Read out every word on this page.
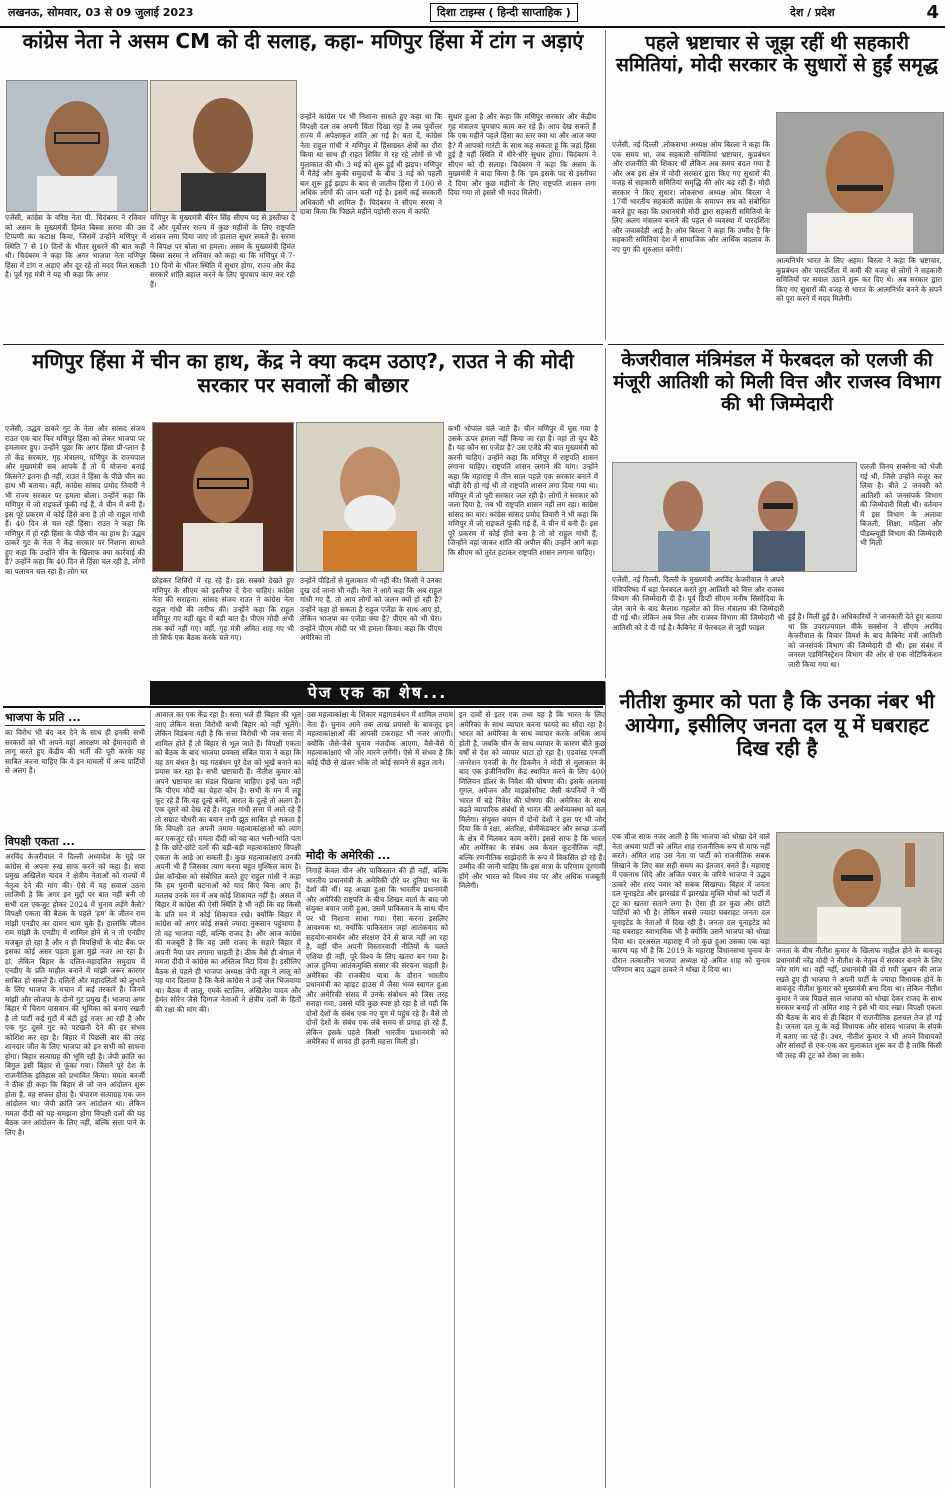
लखनऊ, सोमवार, 03 से 09 जुलाई 2023	दिशा टाइम्स ( हिन्दी साप्ताहिक )	देश / प्रदेश	4
कांग्रेस नेता ने असम CM को दी सलाह, कहा- मणिपुर हिंसा में टांग न अड़ाएं
एजेंसी, कांग्रेस के वरिष्ठ नेता पी. चिदंबरम ने रविवार को असम के मुख्यमंत्री हिमंत बिस्वा सरमा की उस टिप्पणी का कटाक्ष किया, जिसमें उन्होंने मणिपुर में स्थिति 7 से 10 दिनों के भीतर सुधरने की बात कही थी। चिदंबरम ने कहा कि अगर भाजपा नेता मणिपुर हिंसा में टांग न अड़ाएं और दूर रहें तो मदद मिल सकती है। पूर्व गृह मंत्री ने यह भी कहा कि अगर
मणिपुर के मुख्यमंत्री बीरेन सिंह सीएम पद से इस्तीफा दे दें और पूर्वोत्तर राज्य में कुछ महीनों के लिए राष्ट्रपति शासन लगा दिया जाए तो हालात सुधर सकते हैं। सरमा ने विपक्ष पर बोला था हमला। असम के मुख्यमंत्री हिमंत बिस्वा सरमा ने शनिवार को कहा था कि मणिपुर में 7-10 दिनों के भीतर स्थिति में सुधार होगा, राज्य और केंद्र सरकारें शांति बहाल करने के लिए चुपचाप काम कर रही हैं।
उन्होंने कांग्रेस पर भी निशाना साधते हुए कहा था कि विपक्षी दल तब अपनी चिंता दिखा रहा है जब पूर्वोत्तर राज्य में अपेक्षाकृत शांति आ गई है। बता दें, कांग्रेस नेता राहुल गांधी ने मणिपुर में हिंसाग्रस्त क्षेत्रों का दौरा किया था साथ ही राहत शिविर में रह रहे लोगों से भी मुलाकात की थी। 3 मई को शुरू हुई थी झड़प। मणिपुर में मैतेई और कुकी समुदायों के बीच 3 मई को पहली बार शुरू हुई झड़प के बाद से जातीय हिंसा में 100 से अधिक लोगों की जान चली गई है। इसमें कई सरकारी अधिकारी भी शामिल हैं। चिदंबरम ने सीएम सरमा ने दावा किया कि पिछले महीने पड़ोसी राज्य में काफी
सुधार हुआ है और कहा कि मणिपुर सरकार और केंद्रीय गृह मंत्रालय चुपचाप काम कर रहे हैं। आप देख सकते हैं कि एक महीने पहले हिंसा का स्तर क्या था और आज क्या है? मैं आपको गारंटी के साथ कह सकता हूं कि जहां हिंसा हुई है वहीं स्थिति में धीरे-धीरे सुधार होगा। चिदंबरम ने सीएम को दी सलाह। चिदंबरम ने कहा कि असम के मुख्यमंत्री ने वादा किया है कि 'हम इसके पद से इस्तीफा दे दिया और कुछ महीनों के लिए राष्ट्रपति शासन लगा दिया गया तो इससे भी मदद मिलेगी।
पहले भ्रष्टाचार से जूझ रहीं थी सहकारी समितियां, मोदी सरकार के सुधारों से हुईं समृद्ध
एजेंसी, नई दिल्ली ,लोकसभा अध्यक्ष ओम बिरला ने कहा कि एक समय था, जब सहकारी समितियां भ्रष्टाचार, कुप्रबंधन और राजनीति की शिकार थीं लेकिन अब समय बदल गया है और अब इस क्षेत्र में मोदी सरकार द्वारा किए गए सुधारों की वजह से सहकारी समितियां समृद्धि की ओर बढ़ रही हैं। मोदी सरकार ने किए सुधार। लोकसभा अध्यक्ष ओम बिरला ने 17वीं भारतीय सहकारी कांग्रेस के समापन सत्र को संबोधित करते हुए कहा कि प्रधानमंत्री मोदी द्वारा सहकारी समितियों के लिए अलग मंत्रालय बनाने की पहल से व्यवस्था में पारदर्शिता और जवाबदेही आई है। ओम बिरला ने कहा कि उम्मीद है कि सहकारी समितियां देश में सामाजिक और आर्थिक बदलाव के नए युग की शुरुआत करेंगी।
आत्मनिर्भर भारत के लिए अहम। बिरला ने कहा कि भ्रष्टाचार, कुप्रबंधन और पारदर्शिता में कमी की वजह से लोगों ने सहकारी समितियों पर सवाल उठाने शुरू कर दिए थे। अब सरकार द्वारा किए गए सुधारों की वजह से भारत के आत्मनिर्भर बनने के सपने को पूरा करने में मदद मिलेगी।
मणिपुर हिंसा में चीन का हाथ, केंद्र ने क्या कदम उठाए?, राउत ने की मोदी सरकार पर सवालों की बौछार
एजेंसी, उद्धव ठाकरे गुट के नेता और सांसद संजय राउत एक बार फिर मणिपुर हिंसा को लेकर भाजपा पर हमलावर हुए। उन्होंने पूछा कि अगर हिंसा प्री-प्लान है तो केंद्र सरकार, गृह मंत्रालय, मणिपुर के राज्यपाल और मुख्यमंत्री सब आपके हैं तो ये योजना बनाई किसने? इतना ही नहीं, राउत ने हिंसा के पीछे चीन का हाथ भी बताया। वहीं, कांग्रेस सांसद प्रमोद तिवारी ने भी राज्य सरकार पर हमला बोला। उन्होंने कहा कि मणिपुर में जो राइफलें फूंकी गई हैं, वे चीन में बनी हैं। इस पूरे प्रकरण में कोई हिंसे बना है तो वो राहुल गांधी हैं। 40 दिन से चल रही हिंसा। राउत ने कहा कि मणिपुर में हो रही हिंसा के पीछे चीन का हाथ है। उद्धव ठाकरे गुट के नेता ने केंद्र सरकार पर निशाना साधते हुए कहा कि उन्होंने चीन के खिलाफ क्या कार्रवाई की है? उन्होंने कहा कि 40 दिन से हिंसा चल रही है, लोगों का पलायन चल रहा है। लोग घर
छोड़कर शिविरों में रह रहे हैं। इस सबको देखते हुए मणिपुर के सीएम को इस्तीफा दे देना चाहिए। कांग्रेस नेता की सराहना। सांसद संजय राउत ने कांग्रेस नेता राहुल गांधी की तारीफ की। उन्होंने कहा कि राहुल मणिपुर गए वहीं खुद में बड़ी बात है। पीएम मोदी अभी तक क्यों नहीं गए। वहीं, गृह मंत्री अमित शाह गए भी तो सिर्फ एक बैठक करके चले गए।
उन्होंने पीड़ितों से मुलाकात भी नहीं की। किसी ने उनका दुख दर्द जाना भी नहीं। नेता ने आगे कहा कि अब राहुल गांधी गए हैं, तो आप लोगों को जलन क्यों हो रही है? उन्होंने कहा हो सकता है राहुल एजेंडा के साथ आए हो, लेकिन भाजपा का एजेंडा क्या है? पीएम को भी घेरा। उन्होंने पीएम मोदी पर भी हमला किया। कहा कि पीएम अमेरिका तो
कभी भोपाल चले जाते हैं। चीन मणिपुर में घुस गया है उसके ऊपर हमला नहीं किया जा रहा है। वहां तो चुप बैठे हैं। यह कौन सा एजेंडा है? उस एजेंडे की बात मुख्यमंत्री को करनी चाहिए। उन्होंने कहा कि मणिपुर में राष्ट्रपति शासन लगाना चाहिए। राष्ट्रपति शासन लगाने की मांग। उन्होंने कहा कि महाराष्ट्र में तीन साल पहले एक सरकार बनाने में थोड़ी देरी हो गई थी तो राष्ट्रपति शासन लगा दिया गया था। मणिपुर में तो पूरी सरकार जल रही है। लोगों ने सरकार को जला दिया है, तब भी राष्ट्रपति शासन नहीं लग रहा। कांग्रेस सांसद का वार। कांग्रेस सांसद प्रमोद तिवारी ने भी कहा कि मणिपुर में जो राइफलें फूंकी गई हैं, वे चीन में बनी हैं। इस पूरे प्रकरण में कोई हीरो बना है तो वो राहुल गांधी हैं, जिन्होंने वहां जाकर शांति की अपील की। उन्होंने आगे कहा कि सीएम को तुरंत हटाकर राष्ट्रपति शासन लगाना चाहिए।
केजरीवाल मंत्रिमंडल में फेरबदल को एलजी की मंजूरी आतिशी को मिली वित्त और राजस्व विभाग की भी जिम्मेदारी
एलजी विनय सक्सेना को भेजी गई थी, जिसे उन्होंने मंजूर कर लिया है। बीते 2 जनवरी को आतिशी को जनसंपर्क विभाग की जिम्मेदारी मिली थी। वर्तमान में इस विभाग के अलावा बिजली, शिक्षा, महिला और पीडब्ल्यूडी विभाग की जिम्मेदारी भी मिली
एजेंसी, नई दिल्ली, दिल्ली के मुख्यमंत्री अरविंद केजरीवाल ने अपने मंत्रिपरिषद में बड़ा फेरबदल करते हुए आतिशी को वित्त और राजस्व विभाग की जिम्मेदारी दी है। पूर्व डिप्टी सीएम मनीष सिसोदिया के जेल जाने के बाद कैलाश गहलोत को वित्त मंत्रालय की जिम्मेदारी दी गई थी। लेकिन अब वित्त और राजस्व विभाग की जिम्मेदारी भी आतिशी को दे दी गई है। कैबिनेट में फेरबदल से जुड़ी फाइल
हुई है। मिली हुई है। अधिकारियों ने जानकारी देते हुए बताया था कि उपराज्यपाल वीके सक्सेना ने सीएम अरविंद केजरीवाल के विचार विमर्श के बाद कैबिनेट मंत्री आतिशी को जनसंपर्क विभाग की जिम्मेदारी दी थी। इस संबंध में जनरल एडमिनिस्ट्रेशन विभाग की ओर से एक नोटिफिकेशन जारी किया गया था।
पेज एक का शेष...
भाजपा के प्रति ...
का विरोध भी बंद कर देने के साथ ही इनकी सभी सरकारों को भी अपने यहां आरक्षण को ईमानदारी से लागू करते हुए केंद्रीय की भर्ती की पूरी करके यह साबित करना चाहिए कि वे इन मामलों में अन्य पार्टियों से अलग हैं।
विपक्षी एकता ...
अरविंद केजरीवाल ने दिल्ली अध्यादेश के मुद्दे पर कांग्रेस से अपना रुख साफ करने को कहा है। सपा प्रमुख अखिलेश यादव ने क्षेत्रीय नेताओं को राज्यों में नेतृत्व देने की मांग की। ऐसे में यह सवाल उठना लाजिमी है कि अगर इन मुद्दों पर बात नहीं बनी तो सभी दल एकजुट होकर 2024 में चुनाव लड़ेंगे कैसे? विपक्षी एकता की बैठक के पहले 'हम' के जीतन राम मांझी एनडीए का दामन थाम चुके हैं। हालांकि जीतन राम मांझी के एनडीए में शामिल होने से न तो एनडीए मजबूत हो रहा है और न ही विपक्षियों के वोट बैंक पर इसका कोई असर पड़ता हुआ मुझे नजर आ रहा है। हां, लेकिन बिहार के दलित-महादलित समुदाय में एनडीए के प्रति माहौल बनाने में मांझी जरूर कारगर साबित हो सकते हैं। दलितों और महादलितों को लुभाने के लिए भाजपा के मचान में कई तरकारें हैं। जिनमें मांझी और लोजपा के दोनों गुट प्रमुख हैं। भाजपा अगर बिहार में चिराग पासवान की भूमिका को बनाए रखती है तो पार्टी कई गुटों में बंटी हुई नजर आ रही है और एक गुट दूसरे गुट को पटखनी देने की हर संभव कोशिश कर रहा है। बिहार में पिछली बार की तरह शानदार जीत के लिए भाजपा को इन सभी को साधना होगा। बिहार सत्याग्रह की भूमि रही है। जेपी क्रांति का बिगुल इसी बिहार से फूंका गया। जिसने पूरे देश के राजनीतिक इतिहास को प्रभावित किया। ममता बनर्जी ने ठीक ही कहा कि बिहार से जो जन आंदोलन शुरू होता है, वह सफल होता है। चंपारण सत्याग्रह एक जन आंदोलन था। जेपी क्रांति जन आंदोलन था। लेकिन ममता दीदी को यह समझना होगा विपक्षी दलों की यह बैठक जन आंदोलन के लिए नहीं, बल्कि सत्ता पाने के लिए है।
आवाज का एक केंद्र रहा है। सत्ता भले ही बिहार की भूल जाए लेकिन सत्ता विरोधी कभी बिहार को नहीं भूलेंगे। लेकिन विडंबना यही है कि सत्ता विरोधी भी जब सत्ता में शामिल होते हैं तो बिहार से भूल जाते हैं। विपक्षी एकता को बैठक के बाद भाजपा प्रवक्ता संबित पात्रा ने कहा कि यह ठग बंधन है। यह गठबंधन पूरे देश को भूखें बनाने का प्रयास कर रहा है। सभी भ्रष्टाचारी हैं। नीतीश कुमार को अपने भ्रष्टाचार का मंडल दिखाना चाहिए। इन्हें पता नहीं कि पीएम मोदी का चेहरा कौन है। सभी के मन में लड्डू फूट रहे हैं कि वह दूल्हे बनेंगे, बारात के दूल्हे तो अलग है। एक दूसरे को देख रहे हैं। राहुल गांधी सत्ता में आते रहे हैं तो सम्राट चौधरी का बयान तभी झूठ साबित हो सकता है कि विपक्षी दल अपनी तमाम महत्वाकांक्षाओं को त्याग कर एकजुट रहें। ममता दीदी को यह बात भली-भांति पता है कि छोटे-छोटे दलों की बड़ी-बड़ी महत्वाकांक्षाएं विपक्षी एकता के आड़े आ सकती हैं। कुछ महत्वाकांक्षाएं उनकी अपनी भी हैं जिसका त्याग करना बहुत मुश्किल काम है। प्रेस कॉन्फ्रेंस को संबोधित करते हुए राहुल गांधी ने कहा कि हम पुरानी घटनाओं को याद किए बिना आए हैं। मतलब उनके मन में अब कोई शिकायत नहीं है। असल में बिहार में कांग्रेस की ऐसी स्थिति है भी नहीं कि वह किसी के प्रति मन में कोई शिकायत रखे। क्योंकि बिहार में कांग्रेस को अगर कोई सबसे ज्यादा नुकसान पहुंचाया है तो वह भाजपा नहीं, बल्कि राजद है। और आज कांग्रेस की मजबूरी है कि वह उसी राजद के सहारे बिहार में अपनी नैया पार लगाना चाहती है। ठीक वैसे ही बंगाल में ममता दीदी ने कांग्रेस का अस्तित्व मिटा दिया है। इसीलिए बैठक से पहले ही भाजपा अध्यक्ष जेपी नड्डा ने लालू को यह याद दिलाया है कि कैसे कांग्रेस ने उन्हें जेल भिजवाया था। बैठक में लालू, एमके स्टालिन, अखिलेश यादव और हेमंत सोरेन जैसे दिग्गज नेताओं ने क्षेत्रीय दलों के हितों की रक्षा की मांग की।
उस महत्वाकांक्षा के शिकार महागठबंधन में शामिल तमाम नेता हैं। चुनाव आने तक लाख प्रयासों के बावजूद इन महत्वाकांक्षाओं की आपसी टकराहट भी नजर आएगी। क्योंकि जैसे-जैसे चुनाव नजदीक आएगा, वैसे-वैसे ये महत्वाकांक्षाएं भी जोर मारने लगेंगी। ऐसे में संभव है कि कोई पीछे से खंजर भोंके तो कोई सामने से बहुत ताने।
मोदी के अमेरिकी ...
निगाहें केवल चीन और पाकिस्तान की ही नहीं, बल्कि भारतीय प्रधानमंत्री के अमेरिकी दौरे पर दुनिया भर के देशों की थीं। यह अच्छा हुआ कि भारतीय प्रधानमंत्री और अमेरिकी राष्ट्रपति के बीच शिखर वार्ता के बाद जो संयुक्त बयान जारी हुआ, उसमें पाकिस्तान के साथ चीन पर भी निशाना साधा गया। ऐसा करना इसलिए आवश्यक था, क्योंकि पाकिस्तान जहां आतंकवाद को सहयोग-समर्थन और संरक्षण देने से बाज नहीं आ रहा है, वहीं चीन अपनी विस्तारवादी नीतियों के चलते एशिया ही नहीं, पूरे विश्व के लिए खतरा बन गया है। आज दुनिया आतंकमुक्ति संसार की संरचना चाहती है। अमेरिका की राजकीय यात्रा के दौरान भारतीय प्रधानमंत्री का व्हाइट हाउस में जैसा भव्य स्वागत हुआ और अमेरिकी संसद में उनके संबोधन को जिस तरह सराहा गया, उससे यदि कुछ स्पष्ट हो रहा है तो यही कि दोनों देशों के संबंध एक नए युग में पहुंच रहे हैं। वैसे तो दोनों देशों के संबंध एक लंबे समय से प्रगाढ़ हो रहे हैं, लेकिन इसके पहले किसी भारतीय प्रधानमंत्री को अमेरिका में शायद ही इतनी महत्ता मिली हो।
इन दावों से इतर एक तथ्य यह है कि भारत के लिए अमेरिका के साथ व्यापार करना फायदे का सौदा रहा है। भारत को अमेरिका के साथ व्यापार करके अधिक आय होती है, जबकि चीन के साथ व्यापार के कारण बीते कुछ वर्षों से देश को व्यापार घाटा हो रहा है। एडवांस्ड एनर्जी जनरेशन एनर्जी के गैर डिकमैन ने मोदी से मुलाकात के बाद एक इंजीनियरिंग केंद्र स्थापित करने के लिए 400 मिलियन डॉलर के निवेश की घोषणा की। इसके अलावा गूगल, अमेजन और माइक्रोसॉफ्ट जैसी कंपनियों ने भी भारत में बड़े निवेश की घोषणा की। अमेरिका के साथ बढ़ते व्यापारिक संबंधों से भारत की अर्थव्यवस्था को बल मिलेगा। संयुक्त बयान में दोनों देशों ने इस पर भी जोर दिया कि वे रक्षा, अंतरिक्ष, सेमीकंडक्टर और स्वच्छ ऊर्जा के क्षेत्र में मिलकर काम करेंगे। इससे साफ है कि भारत और अमेरिका के संबंध अब केवल कूटनीतिक नहीं, बल्कि रणनीतिक साझेदारी के रूप में विकसित हो रहे हैं। उम्मीद की जानी चाहिए कि इस यात्रा के परिणाम दूरगामी होंगे और भारत को विश्व मंच पर और अधिक मजबूती मिलेगी।
नीतीश कुमार को पता है कि उनका नंबर भी आयेगा, इसीलिए जनता दल यू में घबराहट दिख रही है
एक चीज साफ नजर आती है कि भाजपा को धोखा देने वाले नेता अथवा पार्टी को अमित शाह राजनीतिक रूप से माफ नहीं करते। अमित शाह उस नेता या पार्टी को राजनीतिक सबक सिखाने के लिए बस सही समय का इंतजार करते हैं। महाराष्ट्र में एकनाथ शिंदे और अजित पवार के जरिये भाजपा ने उद्धव ठाकरे और शरद पवार को सबक सिखाया। बिहार में जनता दल यूनाइटेड और झारखंड में झारखंड मुक्ति मोर्चा को पार्टी में टूट का खतरा सताने लगा है। ऐसा ही डर कुछ और छोटी पार्टियों को भी है। लेकिन सबसे ज्यादा घबराहट जनता दल यूनाइटेड के नेताओं में दिख रही है। जनता दल यूनाइटेड को यह घबराहट स्वाभाविक भी है क्योंकि उसने भाजपा को धोखा दिया था। दरअसल महाराष्ट्र में जो कुछ हुआ उसका एक बड़ा कारण यह भी है कि 2019 के महाराष्ट्र विधानसभा चुनाव के दौरान तत्कालीन भाजपा अध्यक्ष रहे अमित शाह को चुनाव परिणाम बाद उद्धव ठाकरे ने धोखा दे दिया था।
जनता के बीच नीतीश कुमार के खिलाफ माहौल होने के बावजूद प्रधानमंत्री नरेंद्र मोदी ने नीतीश के नेतृत्व में सरकार बनाने के लिए जोर मांग था। वहीं नहीं, प्रधानमंत्री की दो गयी जुबान की लाज रखते हुए ही भाजपा ने अपनी पार्टी के ज्यादा विधायक होने के बावजूद नीतीश कुमार को मुख्यमंत्री बना दिया था। लेकिन नीतीश कुमार ने जब पिछले साल भाजपा को धोखा देकर राजद के साथ सरकार बनाई तो अमित शाह ने इसे भी याद रखा। विपक्षी एकता की बैठक के बाद से ही बिहार में राजनीतिक हलचल तेज हो गई है। जनता दल यू के कई विधायक और सांसद भाजपा के संपर्क में बताए जा रहे हैं। उधर, नीतीश कुमार ने भी अपने विधायकों और सांसदों से एक-एक कर मुलाकात शुरू कर दी है ताकि किसी भी तरह की टूट को रोका जा सके।
